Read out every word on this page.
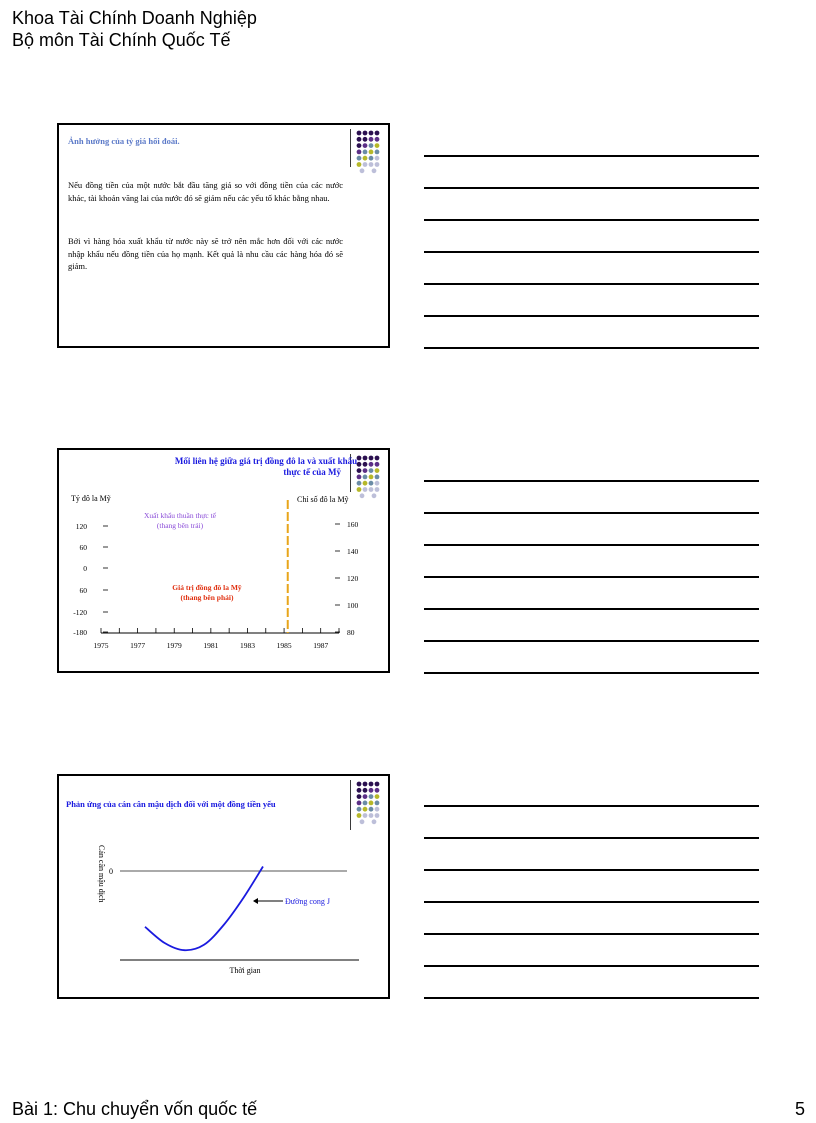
Khoa Tài Chính Doanh Nghiệp
Bộ môn Tài Chính Quốc Tế
Ảnh hưởng của tỷ giá hối đoái.
Nếu đồng tiền của một nước bắt đầu tăng giá so với đồng tiền của các nước khác, tài khoản vãng lai của nước đó sẽ giảm nếu các yếu tố khác bằng nhau.
Bởi vì hàng hóa xuất khẩu từ nước này sẽ trở nên mắc hơn đối với các nước nhập khẩu nếu đồng tiền của họ mạnh. Kết quả là nhu cầu các hàng hóa đó sẽ giảm.
Mối liên hệ giữa giá trị đồng đô la và xuất khẩu
thực tế của Mỹ
Tỷ đô la Mỹ	Chỉ số đô la Mỹ
Xuất khẩu thuần thực tế
(thang bên trái)
Giá trị đồng đô la Mỹ
(thang bên phải)
1975	1977	1979	1981	1983	1985	1987
120
60
0
60
-120
-180
160
140
120
100
80
Phản ứng của cán cân mậu dịch đối với một đồng tiền yếu
0
Cán cân mậu dịch
Thời gian
Đường cong J
Bài 1: Chu chuyển vốn quốc tế	5
